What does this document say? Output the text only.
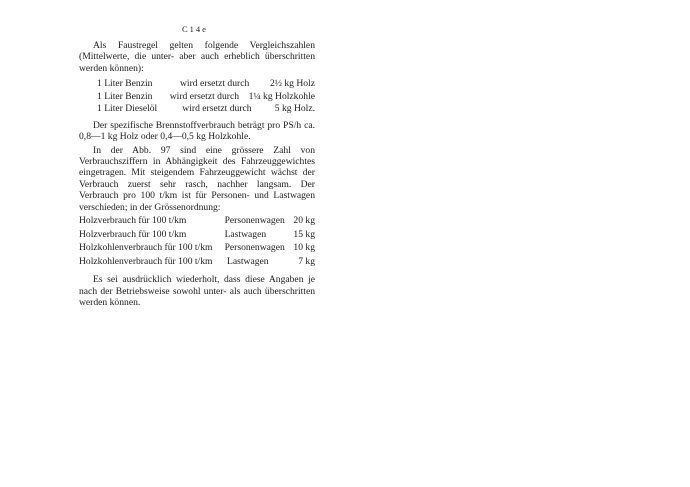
C14e

Als Faustregel gelten folgende Vergleichszahlen (Mittelwerte, die unter- aber auch erheblich überschritten werden können):

1 Liter Benzin	wird ersetzt durch	2½ kg Holz
1 Liter Benzin	wird ersetzt durch	1¼ kg Holzkohle
1 Liter Dieselöl	wird ersetzt durch	5 kg Holz.

Der spezifische Brennstoffverbrauch beträgt pro PS/h ca. 0,8—1 kg Holz oder 0,4—0,5 kg Holzkohle.

In der Abb. 97 sind eine grössere Zahl von Verbrauchsziffern in Abhängigkeit des Fahrzeuggewichtes eingetragen. Mit steigendem Fahrzeuggewicht wächst der Verbrauch zuerst sehr rasch, nachher langsam. Der Verbrauch pro 100 t/km ist für Personen- und Lastwagen verschieden; in der Grössenordnung:

Holzverbrauch für 100 t/km	Personenwagen 20 kg
Holzverbrauch für 100 t/km	Lastwagen	15 kg
Holzkohlenverbrauch für 100 t/km	Personenwagen 10 kg
Holzkohlenverbrauch für 100 t/km	Lastwagen	7 kg

Es sei ausdrücklich wiederholt, dass diese Angaben je nach der Betriebsweise sowohl unter- als auch überschritten werden können.
